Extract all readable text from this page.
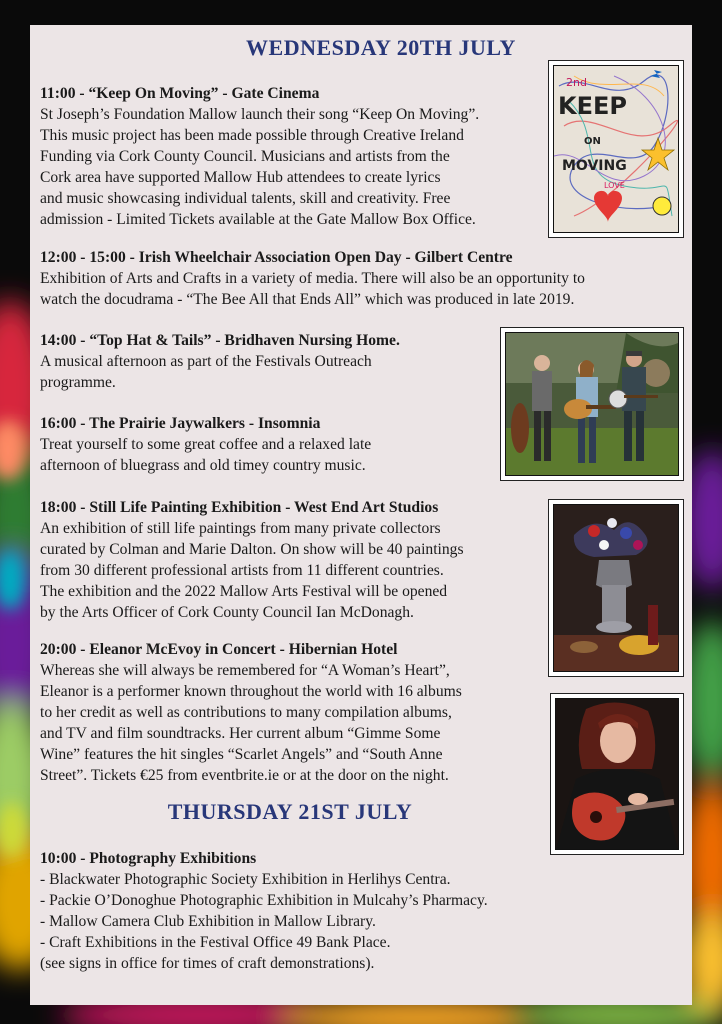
WEDNESDAY 20TH JULY
11:00 - “Keep On Moving” - Gate Cinema
St Joseph’s Foundation Mallow launch their song “Keep On Moving”.
This music project has been made possible through Creative Ireland
Funding via Cork County Council. Musicians and artists from the
Cork area have supported Mallow Hub attendees to create lyrics
and music showcasing individual talents, skill and creativity. Free
admission - Limited Tickets available at the Gate Mallow Box Office.
2nd
KEEP
ON
MOVING
LOVE
12:00 - 15:00 - Irish Wheelchair Association Open Day - Gilbert Centre
Exhibition of Arts and Crafts in a variety of media. There will also be an opportunity to
watch the docudrama - “The Bee All that Ends All” which was produced in late 2019.
14:00 - “Top Hat & Tails” - Bridhaven Nursing Home.
A musical afternoon as part of the Festivals Outreach
programme.
16:00 - The Prairie Jaywalkers - Insomnia
Treat yourself to some great coffee and a relaxed late
afternoon of bluegrass and old timey country music.
18:00 - Still Life Painting Exhibition - West End Art Studios
An exhibition of still life paintings from many private collectors
curated by Colman and Marie Dalton. On show will be 40 paintings
from 30 different professional artists from 11 different countries.
The exhibition and the 2022 Mallow Arts Festival will be opened
by the Arts Officer of Cork County Council Ian McDonagh.
20:00 - Eleanor McEvoy in Concert - Hibernian Hotel
Whereas she will always be remembered for “A Woman’s Heart”,
Eleanor is a performer known throughout the world with 16 albums
to her credit as well as contributions to many compilation albums,
and TV and film soundtracks. Her current album “Gimme Some
Wine” features the hit singles “Scarlet Angels” and “South Anne
Street”. Tickets €25 from eventbrite.ie or at the door on the night.
THURSDAY 21ST JULY
10:00 - Photography Exhibitions
- Blackwater Photographic Society Exhibition in Herlihys Centra.
- Packie O’Donoghue Photographic Exhibition in Mulcahy’s Pharmacy.
- Mallow Camera Club Exhibition in Mallow Library.
- Craft Exhibitions in the Festival Office 49 Bank Place.
(see signs in office for times of craft demonstrations).
